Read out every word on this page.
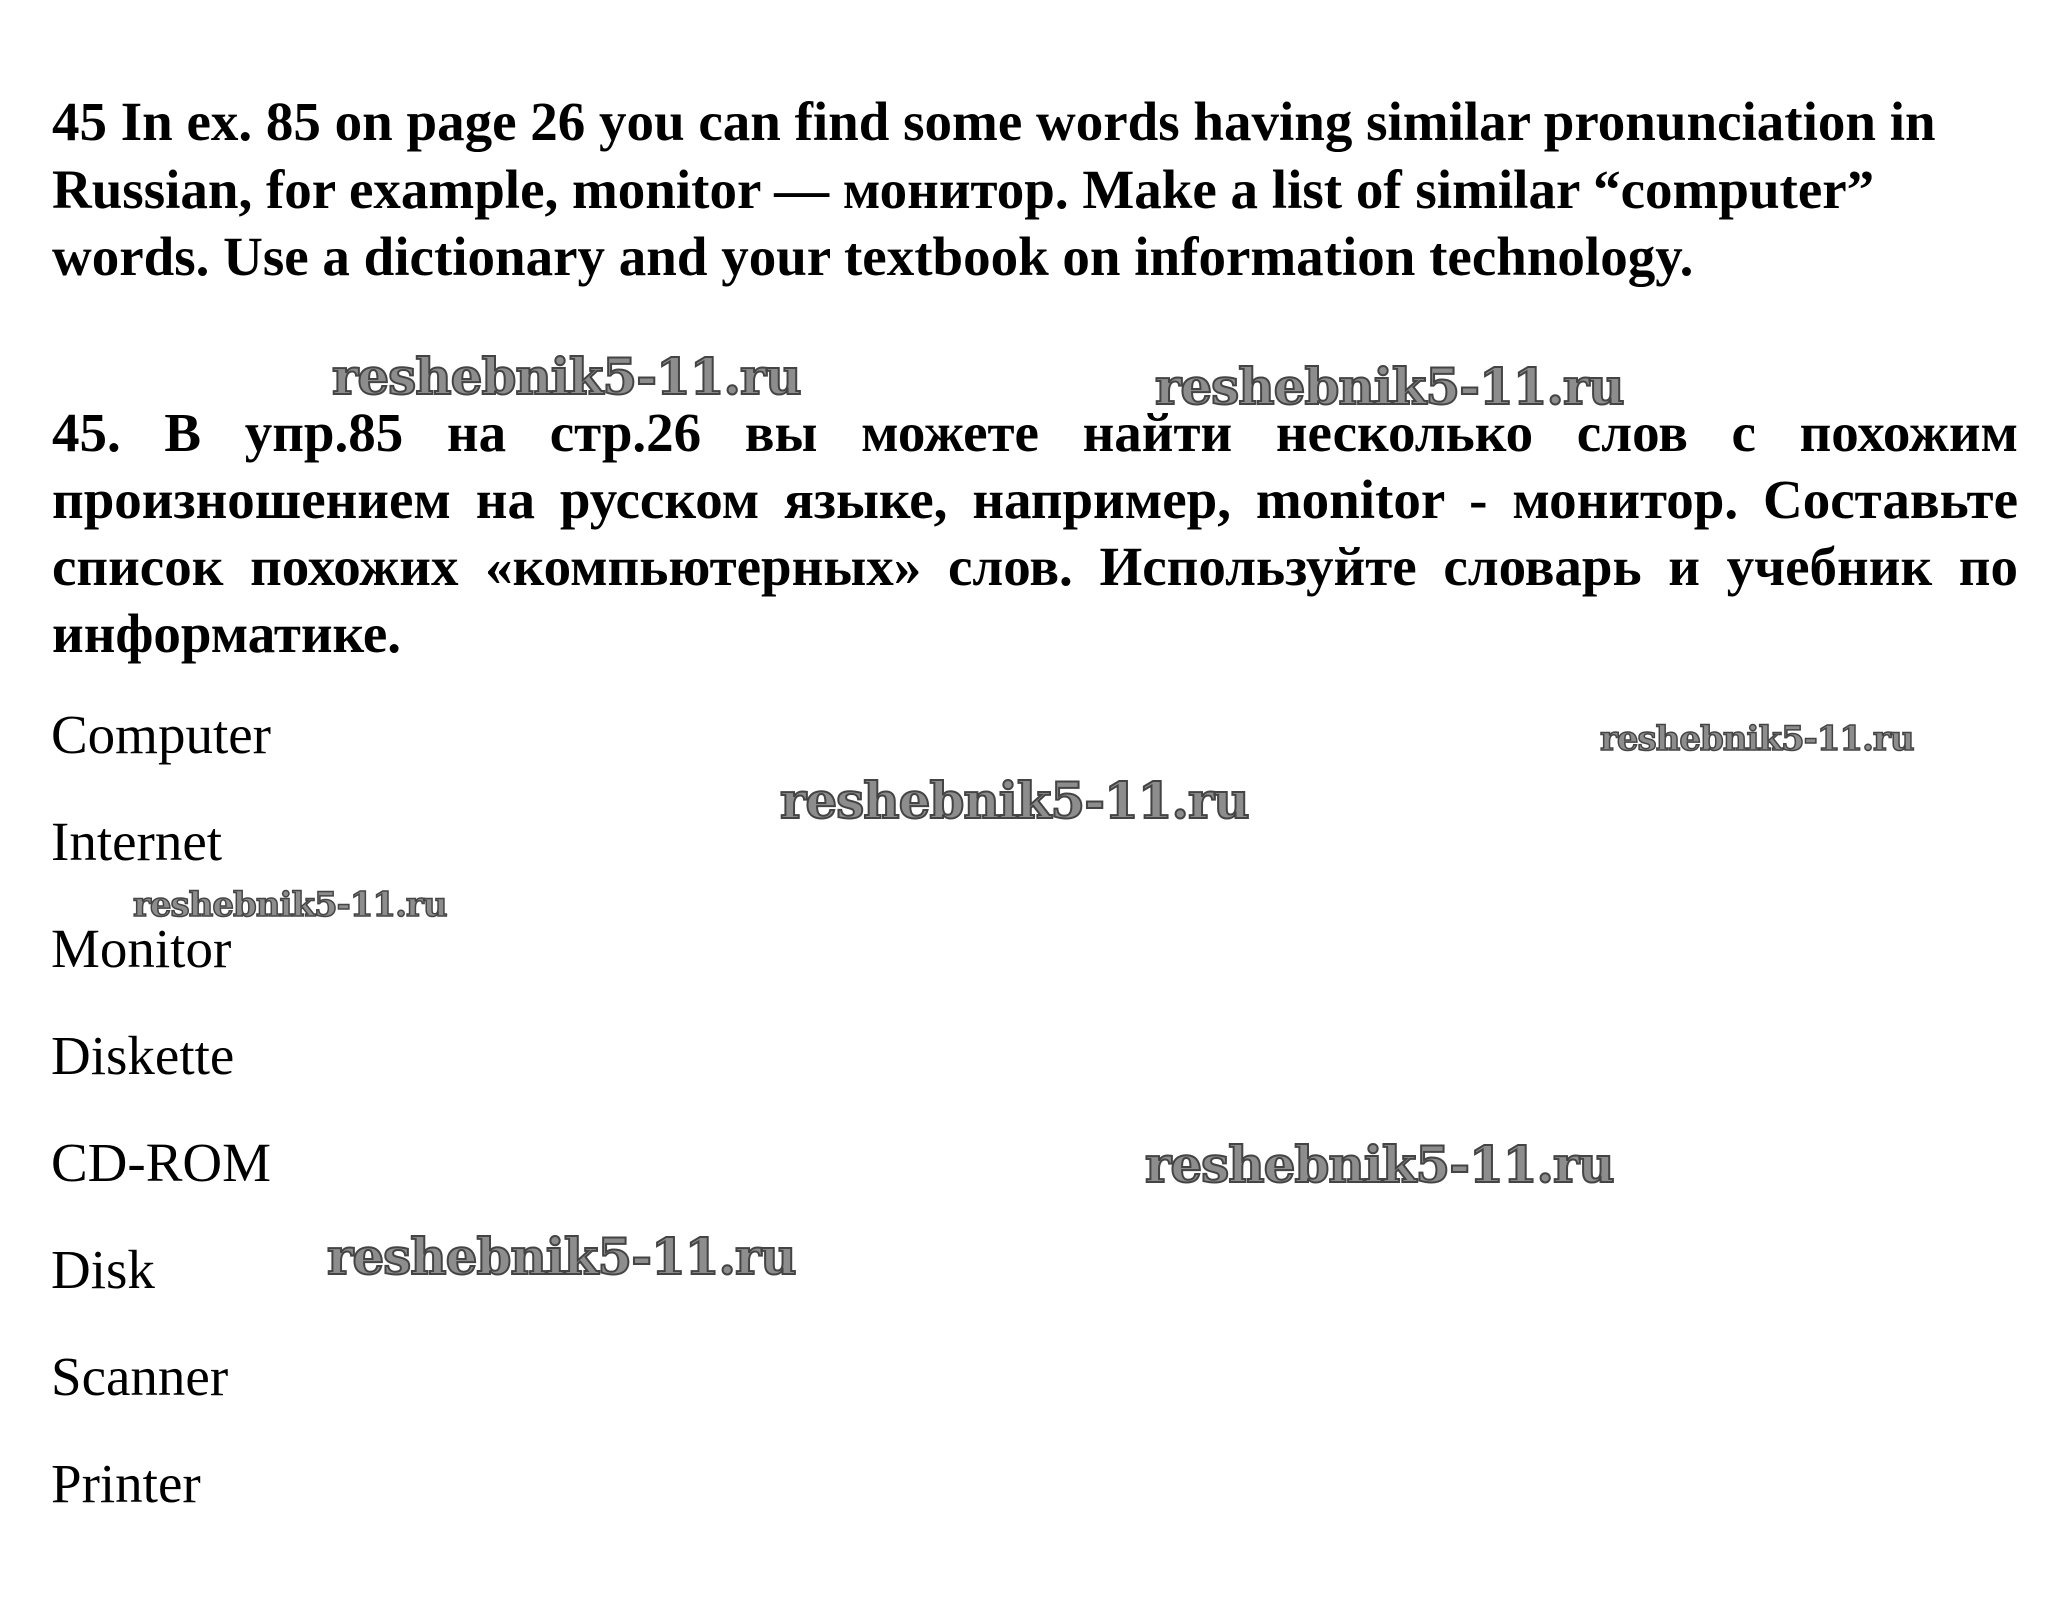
45 In ex. 85 on page 26 you can find some words having similar pronunciation in Russian, for example, monitor — монитор. Make a list of similar “computer” words. Use a dictionary and your textbook on information technology.

45. В упр.85 на стр.26 вы можете найти несколько слов с похожим произношением на русском языке, например, monitor - монитор. Составьте список похожих «компьютерных» слов. Используйте словарь и учебник по информатике.

Computer
Internet
Monitor
Diskette
CD-ROM
Disk
Scanner
Printer
reshebnik5-11.ru	reshebnik5-11.ru
reshebnik5-11.ru
reshebnik5-11.ru
reshebnik5-11.ru
reshebnik5-11.ru
reshebnik5-11.ru
